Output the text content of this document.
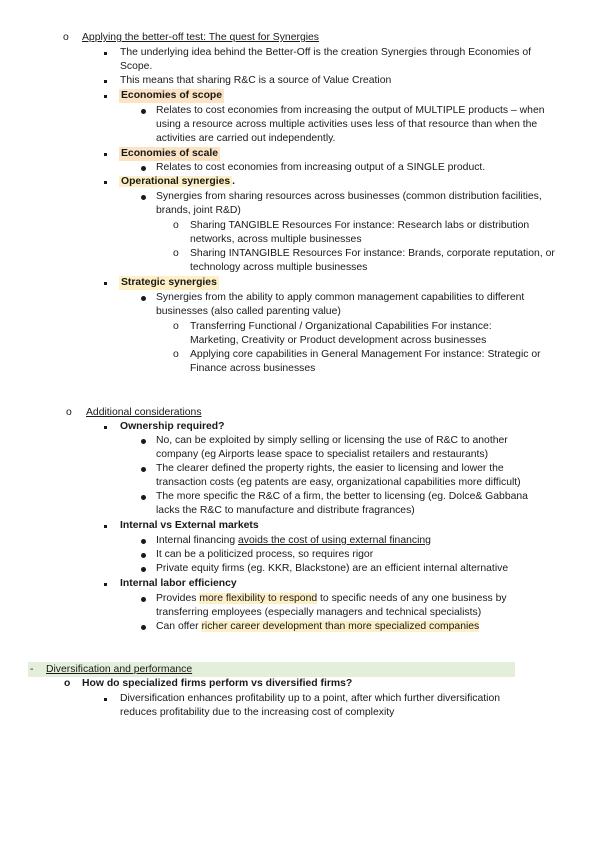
o Applying the better-off test: The quest for Synergies
The underlying idea behind the Better-Off is the creation Synergies through Economies of
Scope.
This means that sharing R&C is a source of Value Creation
Economies of scope
Relates to cost economies from increasing the output of MULTIPLE products – when
using a resource across multiple activities uses less of that resource than when the
activities are carried out independently.
Economies of scale
Relates to cost economies from increasing output of a SINGLE product.
Operational synergies .
Synergies from sharing resources across businesses (common distribution facilities,
brands, joint R&D)
o Sharing TANGIBLE Resources For instance: Research labs or distribution
networks, across multiple businesses
o Sharing INTANGIBLE Resources For instance: Brands, corporate reputation, or
technology across multiple businesses
Strategic synergies
Synergies from the ability to apply common management capabilities to different
businesses (also called parenting value)
o Transferring Functional / Organizational Capabilities For instance:
Marketing, Creativity or Product development across businesses
o Applying core capabilities in General Management For instance: Strategic or
Finance across businesses
o Additional considerations
Ownership required?
No, can be exploited by simply selling or licensing the use of R&C to another
company (eg Airports lease space to specialist retailers and restaurants)
The clearer defined the property rights, the easier to licensing and lower the
transaction costs (eg patents are easy, organizational capabilities more difficult)
The more specific the R&C of a firm, the better to licensing (eg. Dolce& Gabbana
lacks the R&C to manufacture and distribute fragrances)
Internal vs External markets
Internal financing avoids the cost of using external financing
It can be a politicized process, so requires rigor
Private equity firms (eg. KKR, Blackstone) are an efficient internal alternative
Internal labor efficiency
Provides more flexibility to respond to specific needs of any one business by
transferring employees (especially managers and technical specialists)
Can offer richer career development than more specialized companies
- Diversification and performance
o How do specialized firms perform vs diversified firms?
Diversification enhances profitability up to a point, after which further diversification
reduces profitability due to the increasing cost of complexity
